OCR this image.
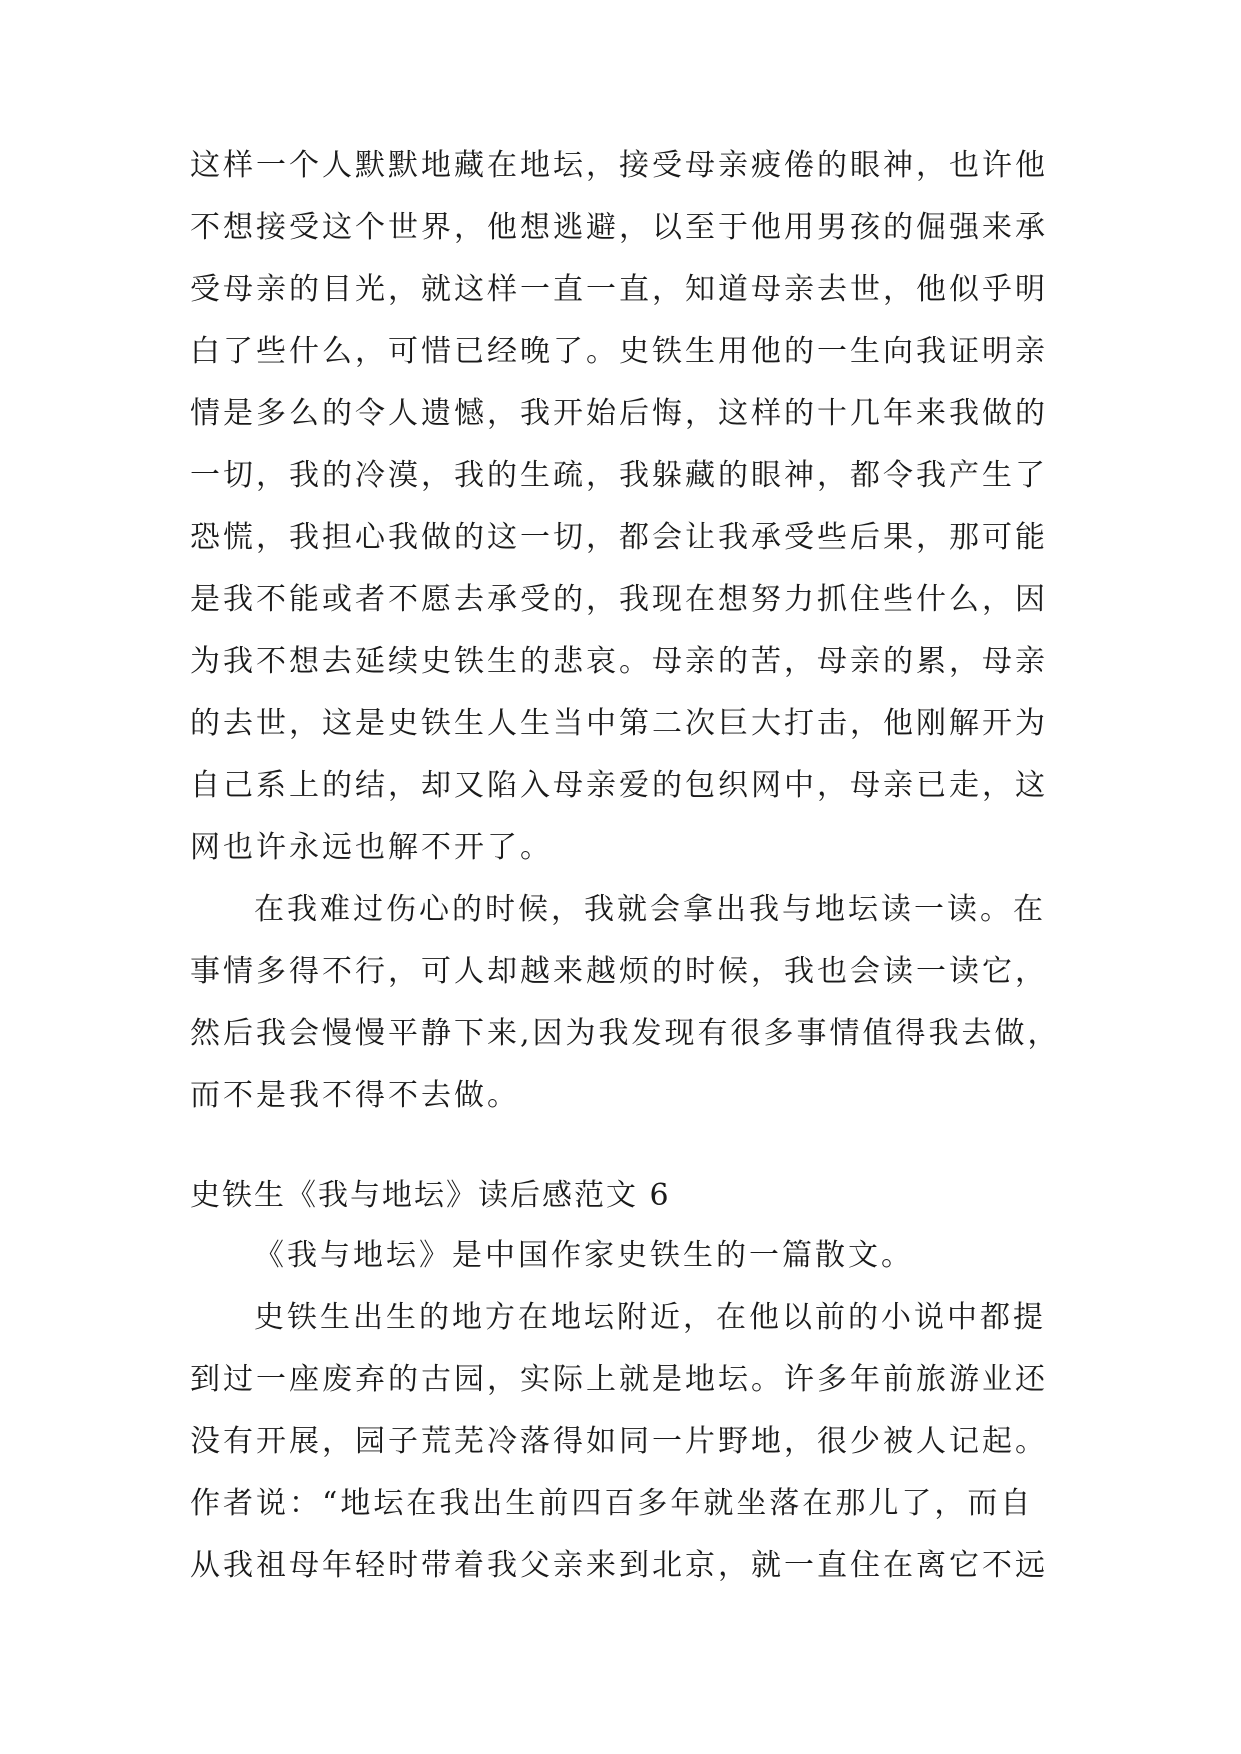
这样一个人默默地藏在地坛，接受母亲疲倦的眼神，也许他
不想接受这个世界，他想逃避，以至于他用男孩的倔强来承
受母亲的目光，就这样一直一直，知道母亲去世，他似乎明
白了些什么，可惜已经晚了。史铁生用他的一生向我证明亲
情是多么的令人遗憾，我开始后悔，这样的十几年来我做的
一切，我的冷漠，我的生疏，我躲藏的眼神，都令我产生了
恐慌，我担心我做的这一切，都会让我承受些后果，那可能
是我不能或者不愿去承受的，我现在想努力抓住些什么，因
为我不想去延续史铁生的悲哀。母亲的苦，母亲的累，母亲
的去世，这是史铁生人生当中第二次巨大打击，他刚解开为
自己系上的结，却又陷入母亲爱的包织网中，母亲已走，这
网也许永远也解不开了。
在我难过伤心的时候，我就会拿出我与地坛读一读。在
事情多得不行，可人却越来越烦的时候，我也会读一读它，
然后我会慢慢平静下来,因为我发现有很多事情值得我去做，
而不是我不得不去做。
史铁生《我与地坛》读后感范文 6
《我与地坛》是中国作家史铁生的一篇散文。
史铁生出生的地方在地坛附近，在他以前的小说中都提
到过一座废弃的古园，实际上就是地坛。许多年前旅游业还
没有开展，园子荒芜冷落得如同一片野地，很少被人记起。
作者说：“地坛在我出生前四百多年就坐落在那儿了，而自
从我祖母年轻时带着我父亲来到北京，就一直住在离它不远
